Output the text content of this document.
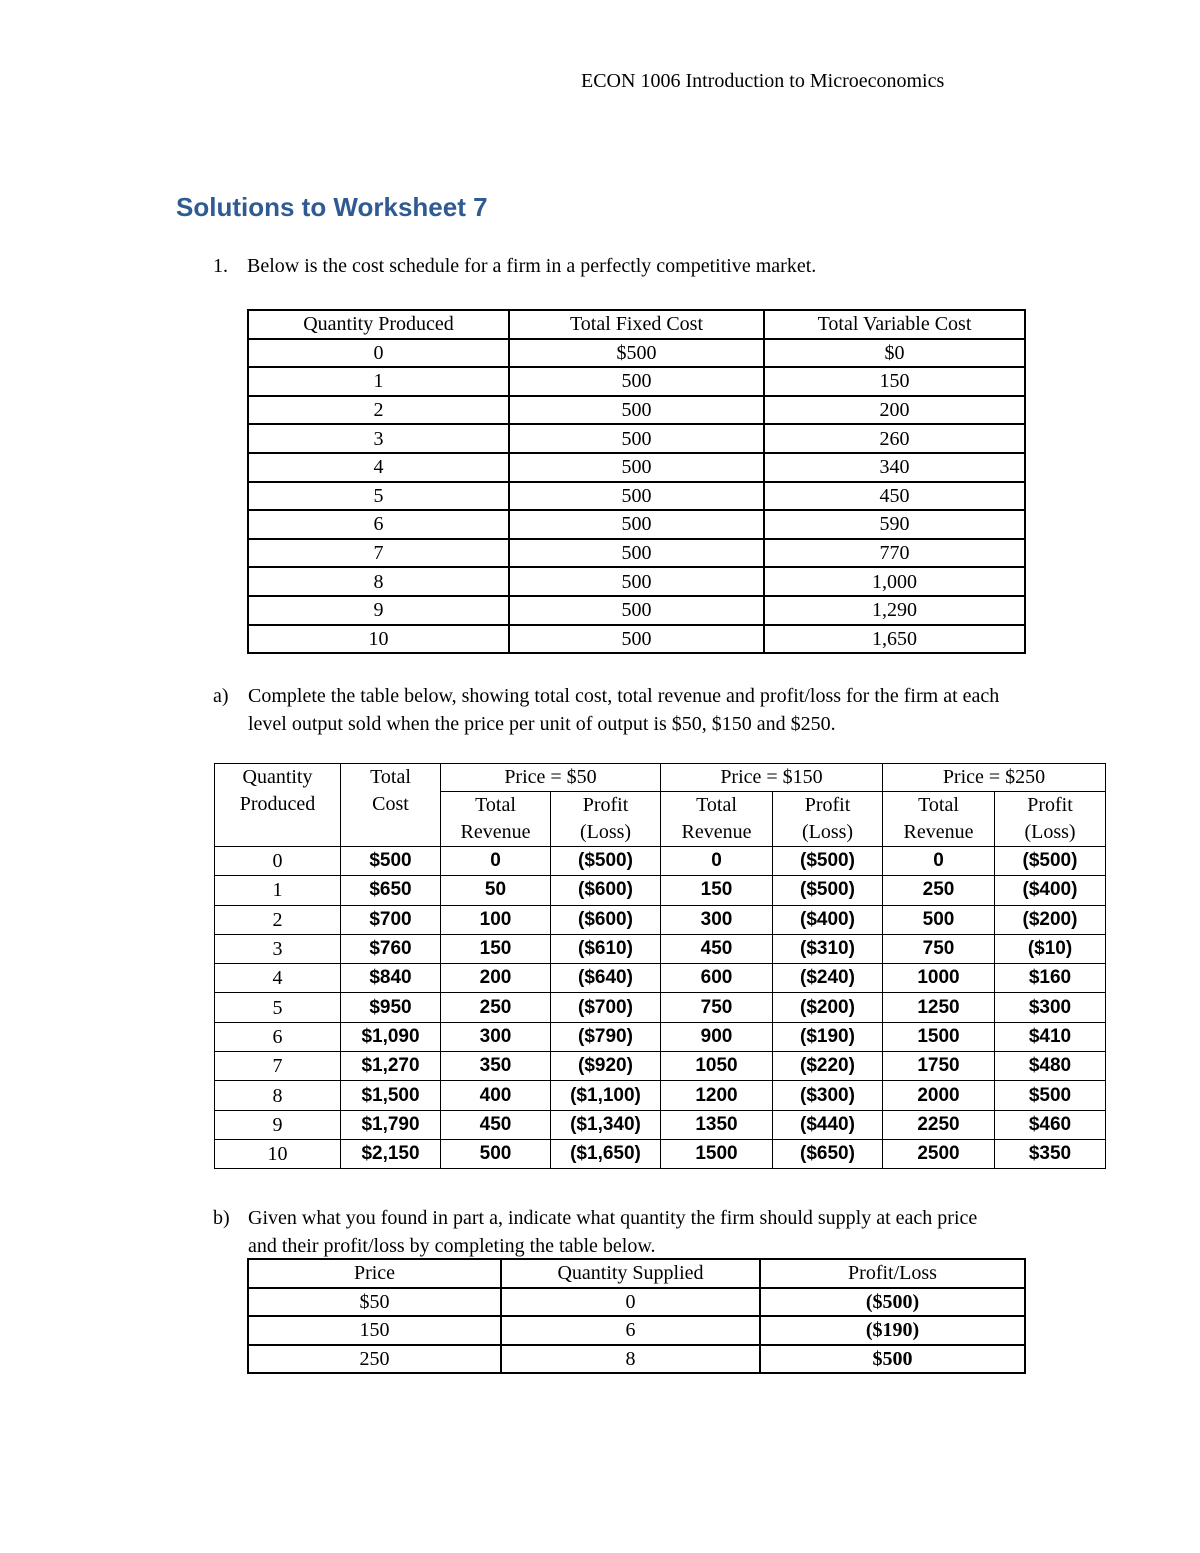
ECON 1006 Introduction to Microeconomics
Solutions to Worksheet 7
1. Below is the cost schedule for a firm in a perfectly competitive market.
Quantity Produced	Total Fixed Cost	Total Variable Cost
0	$500	$0
1	500	150
2	500	200
3	500	260
4	500	340
5	500	450
6	500	590
7	500	770
8	500	1,000
9	500	1,290
10	500	1,650
a) Complete the table below, showing total cost, total revenue and profit/loss for the firm at each level output sold when the price per unit of output is $50, $150 and $250.
Quantity Produced	Total Cost	Price = $50		Price = $150		Price = $250	
		Total Revenue	Profit (Loss)	Total Revenue	Profit (Loss)	Total Revenue	Profit (Loss)
0	$500	0	($500)	0	($500)	0	($500)
1	$650	50	($600)	150	($500)	250	($400)
2	$700	100	($600)	300	($400)	500	($200)
3	$760	150	($610)	450	($310)	750	($10)
4	$840	200	($640)	600	($240)	1000	$160
5	$950	250	($700)	750	($200)	1250	$300
6	$1,090	300	($790)	900	($190)	1500	$410
7	$1,270	350	($920)	1050	($220)	1750	$480
8	$1,500	400	($1,100)	1200	($300)	2000	$500
9	$1,790	450	($1,340)	1350	($440)	2250	$460
10	$2,150	500	($1,650)	1500	($650)	2500	$350
b) Given what you found in part a, indicate what quantity the firm should supply at each price and their profit/loss by completing the table below.
Price	Quantity Supplied	Profit/Loss
$50	0	($500)
150	6	($190)
250	8	$500
